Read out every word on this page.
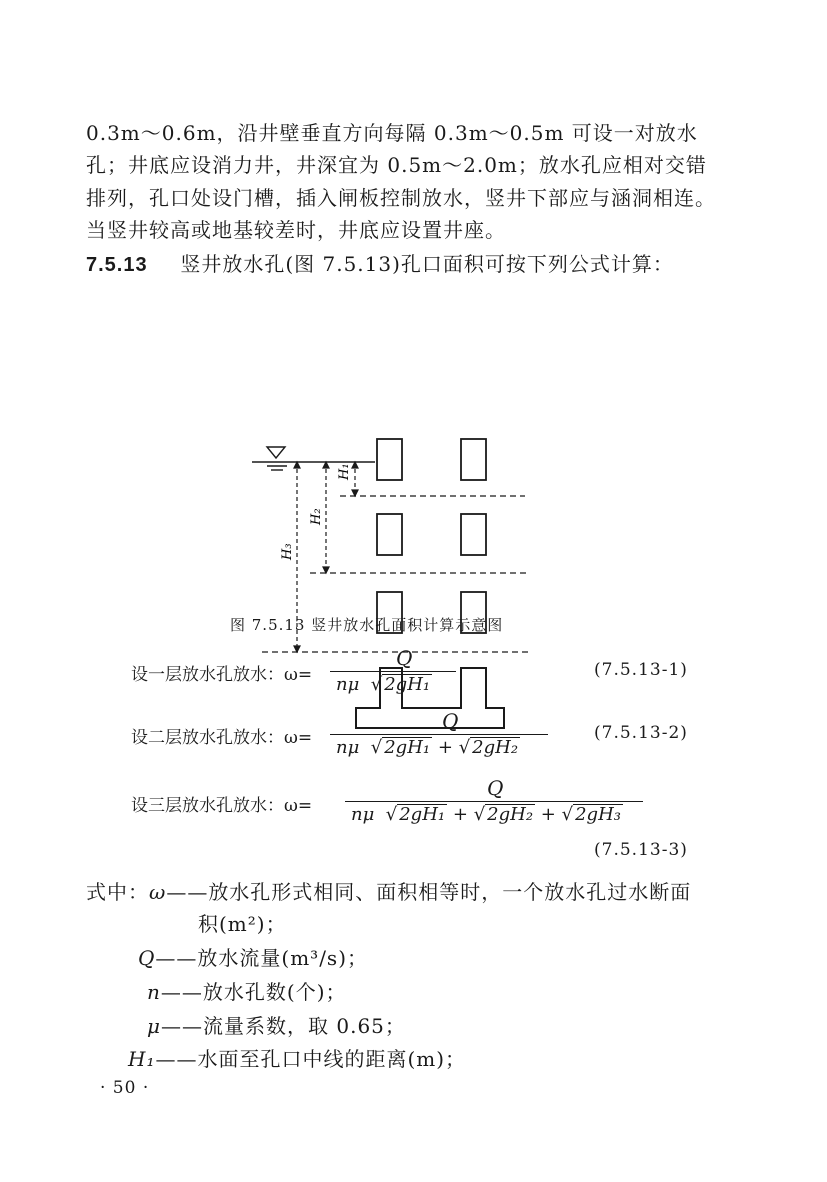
0.3m～0.6m，沿井壁垂直方向每隔 0.3m～0.5m 可设一对放水
孔；井底应设消力井，井深宜为 0.5m～2.0m；放水孔应相对交错
排列，孔口处设门槽，插入闸板控制放水，竖井下部应与涵洞相连。
当竖井较高或地基较差时，井底应设置井座。
7.5.13 竖井放水孔(图 7.5.13)孔口面积可按下列公式计算：
H₁
H₂
H₃
图 7.5.13 竖井放水孔面积计算示意图
设一层放水孔放水：ω=
Q
nμ √ 2gH₁
(7.5.13-1)
设二层放水孔放水：ω=
Q
nμ √ 2gH₁ + √ 2gH₂
(7.5.13-2)
设三层放水孔放水：ω=
Q
nμ √ 2gH₁ + √ 2gH₂ + √ 2gH₃
(7.5.13-3)
式中：ω——放水孔形式相同、面积相等时，一个放水孔过水断面
积(m²)；
Q——放水流量(m³/s)；
n——放水孔数(个)；
μ——流量系数，取 0.65；
H₁——水面至孔口中线的距离(m)；
· 50 ·
